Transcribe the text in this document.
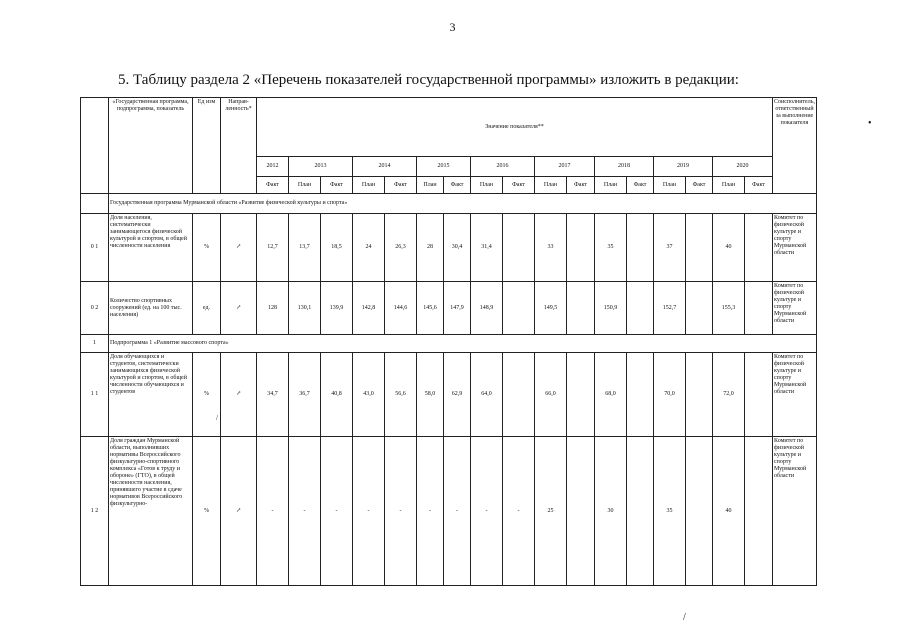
3
5. Таблицу раздела 2 «Перечень показателей государственной программы» изложить в редакции:
•
/
/
	«Государственная программа, подпрограмма, показатель	Ед изм	Направ-ленность*	Значение показателя**																	Соисполнитель, ответственный за выполнение показателя
				2012	2013		2014		2015		2016		2017		2018		2019		2020		
				Факт	План	Факт	План	Факт	План	Факт	План	Факт	План	Факт	План	Факт	План	Факт	План	Факт	
	Государственная программа Мурманской области «Развитие физической культуры и спорта»																				
0 1	Доля населения, систематически занимающегося физической культурой и спортом, в общей численности населения	%	↗	12,7	13,7	18,5	24	26,3	28	30,4	31,4		33		35		37		40		Комитет по физической культуре и спорту Мурманской области
0 2	Количество спортивных сооружений (ед. на 100 тыс. населения)	ед.	↗	128	130,1	139,9	142,8	144,6	145,6	147,9	148,9		149,5		150,9		152,7		155,3		Комитет по физической культуре и спорту Мурманской области
1	Подпрограмма 1 «Развитие массового спорта»																				
1 1	Доля обучающихся и студентов, систематически занимающихся физической культурой и спортом, в общей численности обучающихся и студентов	%	↗	34,7	36,7	40,8	43,0	56,6	58,0	62,9	64,0		66,0		68,0		70,0		72,0		Комитет по физической культуре и спорту Мурманской области
1 2	Доля граждан Мурманской области, выполнивших нормативы Всероссийского физкультурно-спортивного комплекса «Готов к труду и обороне» (ГТО), в общей численности населения, принявшего участие в сдаче нормативов Всероссийского физкультурно-	%	↗	-	-	-	-	-	-	-	-	-	25		30		35		40		Комитет по физической культуре и спорту Мурманской области
